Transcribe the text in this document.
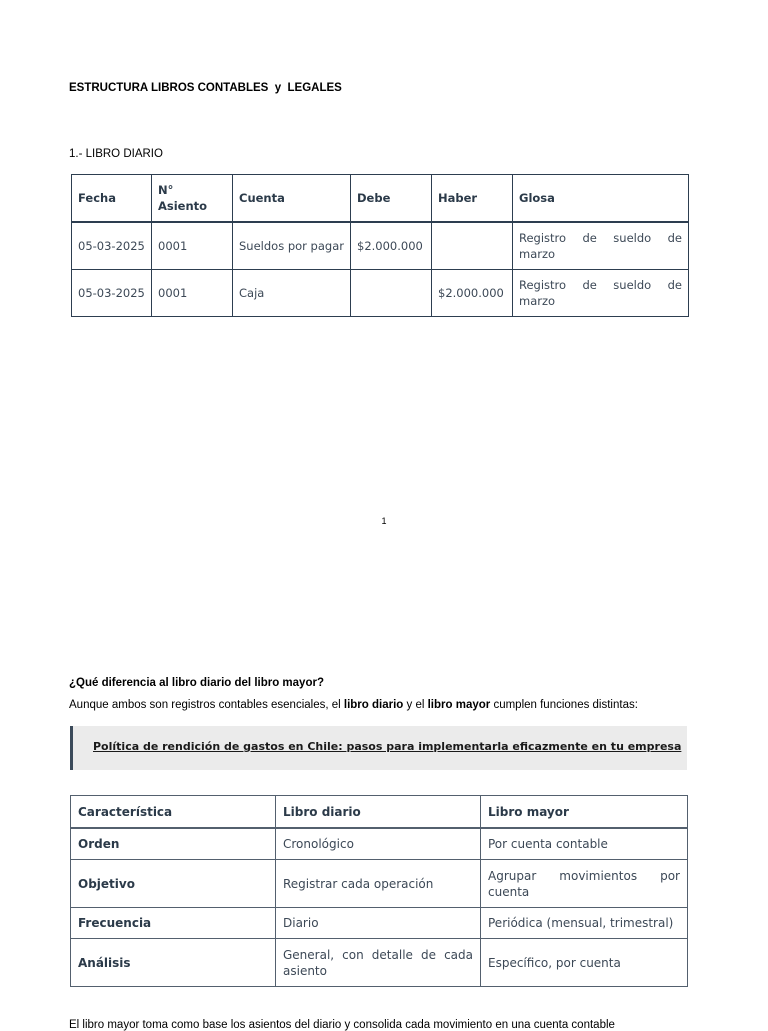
ESTRUCTURA LIBROS CONTABLES  y  LEGALES
1.- LIBRO DIARIO
Fecha	N° Asiento	Cuenta	Debe	Haber	Glosa
05-03-2025	0001	Sueldos por pagar	$2.000.000		Registro de sueldo de marzo
05-03-2025	0001	Caja		$2.000.000	Registro de sueldo de marzo
1
¿Qué diferencia al libro diario del libro mayor?
Aunque ambos son registros contables esenciales, el libro diario y el libro mayor cumplen funciones distintas:
Política de rendición de gastos en Chile: pasos para implementarla eficazmente en tu empresa
Característica	Libro diario	Libro mayor
Orden	Cronológico	Por cuenta contable
Objetivo	Registrar cada operación	Agrupar movimientos por cuenta
Frecuencia	Diario	Periódica (mensual, trimestral)
Análisis	General, con detalle de cada asiento	Específico, por cuenta
El libro mayor toma como base los asientos del diario y consolida cada movimiento en una cuenta contable
